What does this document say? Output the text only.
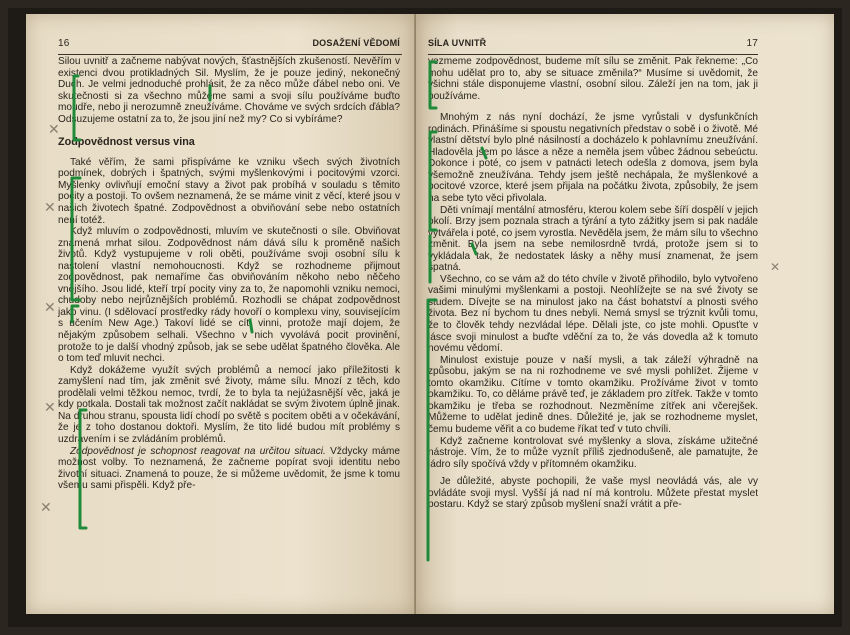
16	DOSAŽENÍ VĚDOMÍ

Silou uvnitř a začneme nabývat nových, šťastnějších zkušeností. Nevěřím v existenci dvou protikladných Sil. Myslím, že je pouze jediný, nekonečný Duch. Je velmi jednoduché prohlásit, že za něco může ďábel nebo oni. Ve skutečnosti si za všechno můžeme sami a svoji sílu používáme buďto moudře, nebo ji nerozumně zneužíváme. Chováme ve svých srdcích ďábla? Odsuzujeme ostatní za to, že jsou jiní než my? Co si vybíráme?

Zodpovědnost versus vina

Také věřím, že sami přispíváme ke vzniku všech svých životních podmínek, dobrých i špatných, svými myšlenkovými i pocitovými vzorci. Myšlenky ovlivňují emoční stavy a život pak probíhá v souladu s těmito pocity a postoji. To ovšem neznamená, že se máme vinit z věcí, které jsou v našich životech špatné. Zodpovědnost a obviňování sebe nebo ostatních není totéž.

Když mluvím o zodpovědnosti, mluvím ve skutečnosti o síle. Obviňovat znamená mrhat silou. Zodpovědnost nám dává sílu k proměně našich životů. Když vystupujeme v roli oběti, používáme svoji osobní sílu k nastolení vlastní nemohoucnosti. Když se rozhodneme přijmout zodpovědnost, pak nemaříme čas obviňováním někoho nebo něčeho vnějšího. Jsou lidé, kteří trpí pocity viny za to, že napomohli vzniku nemoci, chudoby nebo nejrůznějších problémů. Rozhodli se chápat zodpovědnost jako vinu. (I sdělovací prostředky rády hovoří o komplexu viny, souvisejícím s učením New Age.) Takoví lidé se cítí vinni, protože mají dojem, že nějakým způsobem selhali. Všechno v nich vyvolává pocit provinění, protože to je další vhodný způsob, jak se sebe udělat špatného člověka. Ale o tom teď mluvit nechci.

Když dokážeme využít svých problémů a nemocí jako příležitosti k zamyšlení nad tím, jak změnit své životy, máme sílu. Mnozí z těch, kdo prodělali velmi těžkou nemoc, tvrdí, že to byla ta nejúžasnější věc, jaká je kdy potkala. Dostali tak možnost začít nakládat se svým životem úplně jinak. Na druhou stranu, spousta lidí chodí po světě s pocitem oběti a v očekávání, že je z toho dostanou doktoři. Myslím, že tito lidé budou mít problémy s uzdravením i se zvládáním problémů.

Zodpovědnost je schopnost reagovat na určitou situaci. Vždycky máme možnost volby. To neznamená, že začneme popírat svoji identitu nebo životní situaci. Znamená to pouze, že si můžeme uvědomit, že jsme k tomu všemu sami přispěli. Když pře-

SÍLA UVNITŘ	17

vezmeme zodpovědnost, budeme mít sílu se změnit. Pak řekneme: „Co mohu udělat pro to, aby se situace změnila?“ Musíme si uvědomit, že všichni stále disponujeme vlastní, osobní silou. Záleží jen na tom, jak ji používáme.

Mnohým z nás nyní dochází, že jsme vyrůstali v dysfunkčních rodinách. Přinášíme si spoustu negativních představ o sobě i o životě. Mé vlastní dětství bylo plné násilností a docházelo k pohlavnímu zneužívání. Hladověla jsem po lásce a něze a neměla jsem vůbec žádnou sebeúctu. Dokonce i poté, co jsem v patnácti letech odešla z domova, jsem byla všemožně zneužívána. Tehdy jsem ještě nechápala, že myšlenkové a pocitové vzorce, které jsem přijala na počátku života, způsobily, že jsem na sebe tyto věci přivolala.

Děti vnímají mentální atmosféru, kterou kolem sebe šíří dospělí v jejich okolí. Brzy jsem poznala strach a týrání a tyto zážitky jsem si pak nadále vytvářela i poté, co jsem vyrostla. Nevěděla jsem, že mám sílu to všechno změnit. Byla jsem na sebe nemilosrdně tvrdá, protože jsem si to vykládala tak, že nedostatek lásky a něhy musí znamenat, že jsem špatná.

Všechno, co se vám až do této chvíle v životě přihodilo, bylo vytvořeno vašimi minulými myšlenkami a postoji. Neohlížejte se na své životy se studem. Dívejte se na minulost jako na část bohatství a plnosti svého života. Bez ní bychom tu dnes nebyli. Nemá smysl se trýznit kvůli tomu, že to člověk tehdy nezvládal lépe. Dělali jste, co jste mohli. Opusťte v lásce svoji minulost a buďte vděční za to, že vás dovedla až k tomuto novému vědomí.

Minulost existuje pouze v naší mysli, a tak záleží výhradně na způsobu, jakým se na ni rozhodneme ve své mysli pohlížet. Žijeme v tomto okamžiku. Cítíme v tomto okamžiku. Prožíváme život v tomto okamžiku. To, co děláme právě teď, je základem pro zítřek. Takže v tomto okamžiku je třeba se rozhodnout. Nezměníme zítřek ani včerejšek. Můžeme to udělat jedině dnes. Důležité je, jak se rozhodneme myslet, čemu budeme věřit a co budeme říkat teď v tuto chvíli.

Když začneme kontrolovat své myšlenky a slova, získáme užitečné nástroje. Vím, že to může vyznít příliš zjednodušeně, ale pamatujte, že jádro síly spočívá vždy v přítomném okamžiku.

Je důležité, abyste pochopili, že vaše mysl neovládá vás, ale vy ovládáte svoji mysl. Vyšší já nad ní má kontrolu. Můžete přestat myslet postaru. Když se starý způsob myšlení snaží vrátit a pře-

✕
✕
✕
✕
✕
✕
